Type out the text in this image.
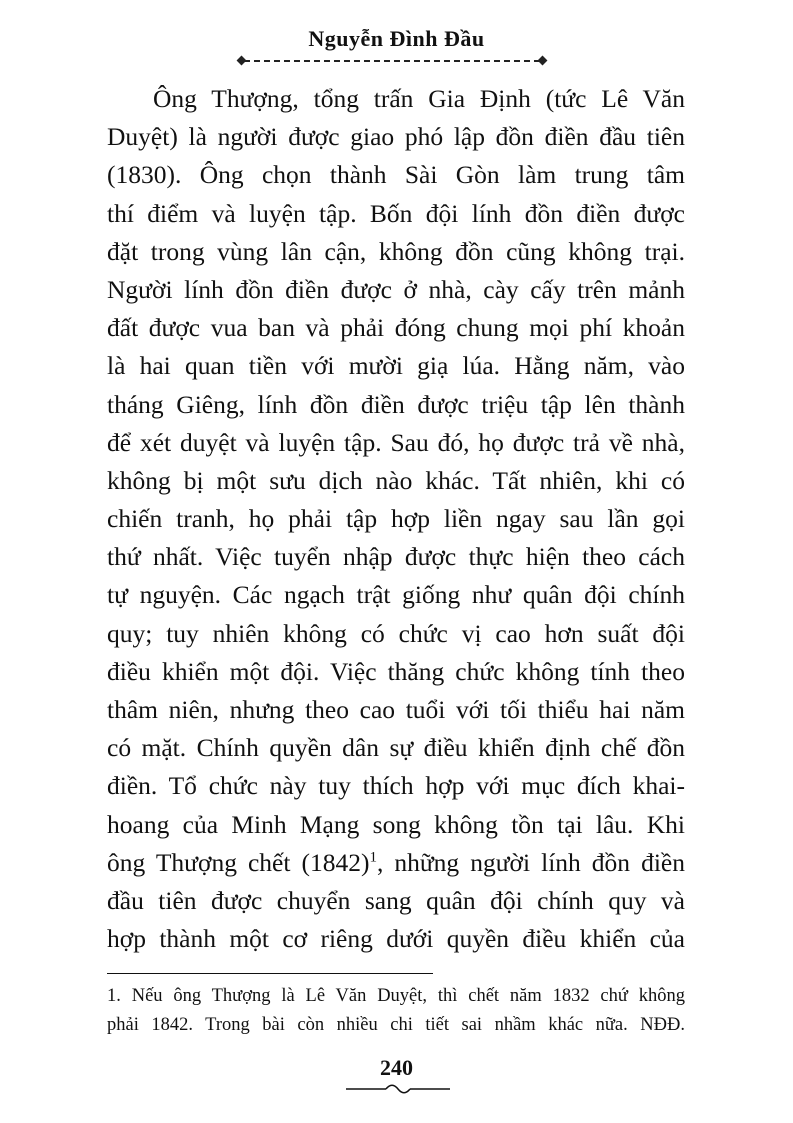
Nguyễn Đình Đầu
Ông Thượng, tổng trấn Gia Định (tức Lê Văn
Duyệt) là người được giao phó lập đồn điền đầu tiên
(1830). Ông chọn thành Sài Gòn làm trung tâm
thí điểm và luyện tập. Bốn đội lính đồn điền được
đặt trong vùng lân cận, không đồn cũng không trại.
Người lính đồn điền được ở nhà, cày cấy trên mảnh
đất được vua ban và phải đóng chung mọi phí khoản
là hai quan tiền với mười giạ lúa. Hằng năm, vào
tháng Giêng, lính đồn điền được triệu tập lên thành
để xét duyệt và luyện tập. Sau đó, họ được trả về nhà,
không bị một sưu dịch nào khác. Tất nhiên, khi có
chiến tranh, họ phải tập hợp liền ngay sau lần gọi
thứ nhất. Việc tuyển nhập được thực hiện theo cách
tự nguyện. Các ngạch trật giống như quân đội chính
quy; tuy nhiên không có chức vị cao hơn suất đội
điều khiển một đội. Việc thăng chức không tính theo
thâm niên, nhưng theo cao tuổi với tối thiểu hai năm
có mặt. Chính quyền dân sự điều khiển định chế đồn
điền. Tổ chức này tuy thích hợp với mục đích khai-
hoang của Minh Mạng song không tồn tại lâu. Khi
ông Thượng chết $(1842)^1$, những người lính đồn điền
đầu tiên được chuyển sang quân đội chính quy và
hợp thành một cơ riêng dưới quyền điều khiển của
1. Nếu ông Thượng là Lê Văn Duyệt, thì chết năm 1832 chứ không
phải 1842. Trong bài còn nhiều chi tiết sai nhầm khác nữa. NĐĐ.
240
